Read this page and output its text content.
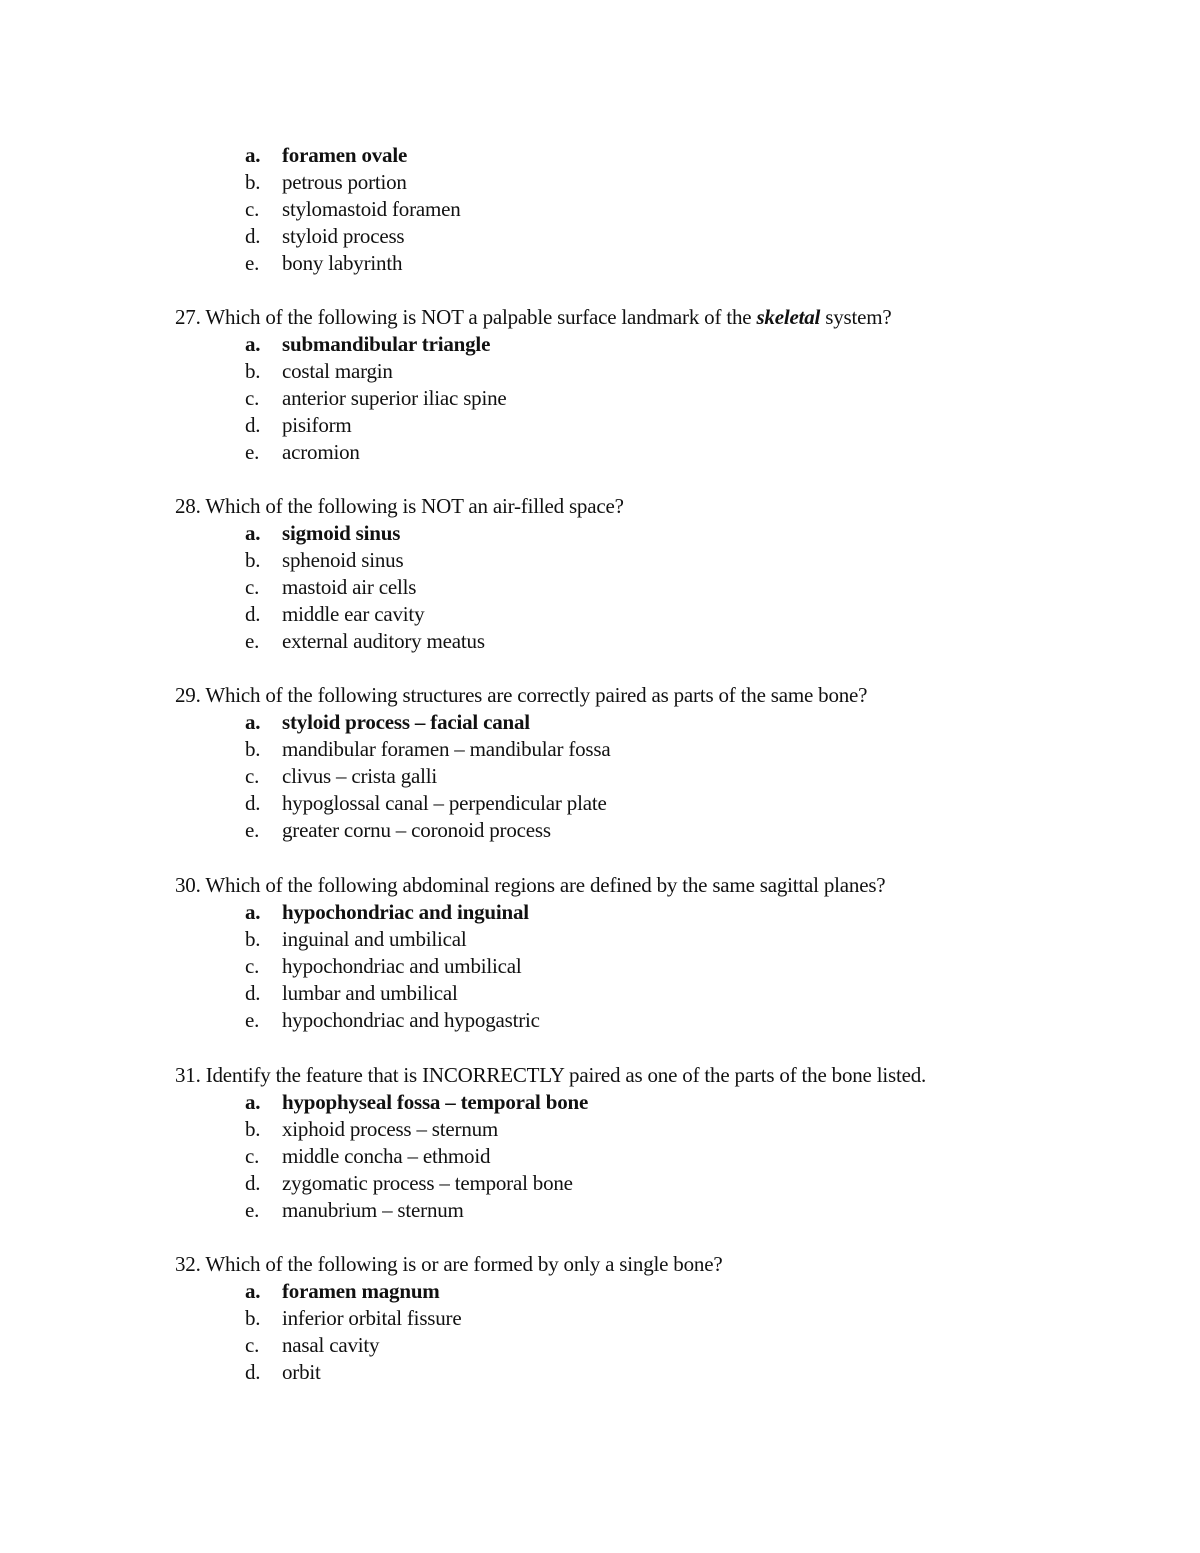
a. foramen ovale
b. petrous portion
c. stylomastoid foramen
d. styloid process
e. bony labyrinth
27. Which of the following is NOT a palpable surface landmark of the skeletal system?
a. submandibular triangle
b. costal margin
c. anterior superior iliac spine
d. pisiform
e. acromion
28. Which of the following is NOT an air-filled space?
a. sigmoid sinus
b. sphenoid sinus
c. mastoid air cells
d. middle ear cavity
e. external auditory meatus
29. Which of the following structures are correctly paired as parts of the same bone?
a. styloid process – facial canal
b. mandibular foramen – mandibular fossa
c. clivus – crista galli
d. hypoglossal canal – perpendicular plate
e. greater cornu – coronoid process
30. Which of the following abdominal regions are defined by the same sagittal planes?
a. hypochondriac and inguinal
b. inguinal and umbilical
c. hypochondriac and umbilical
d. lumbar and umbilical
e. hypochondriac and hypogastric
31. Identify the feature that is INCORRECTLY paired as one of the parts of the bone listed.
a. hypophyseal fossa – temporal bone
b. xiphoid process – sternum
c. middle concha – ethmoid
d. zygomatic process – temporal bone
e. manubrium – sternum
32. Which of the following is or are formed by only a single bone?
a. foramen magnum
b. inferior orbital fissure
c. nasal cavity
d. orbit
